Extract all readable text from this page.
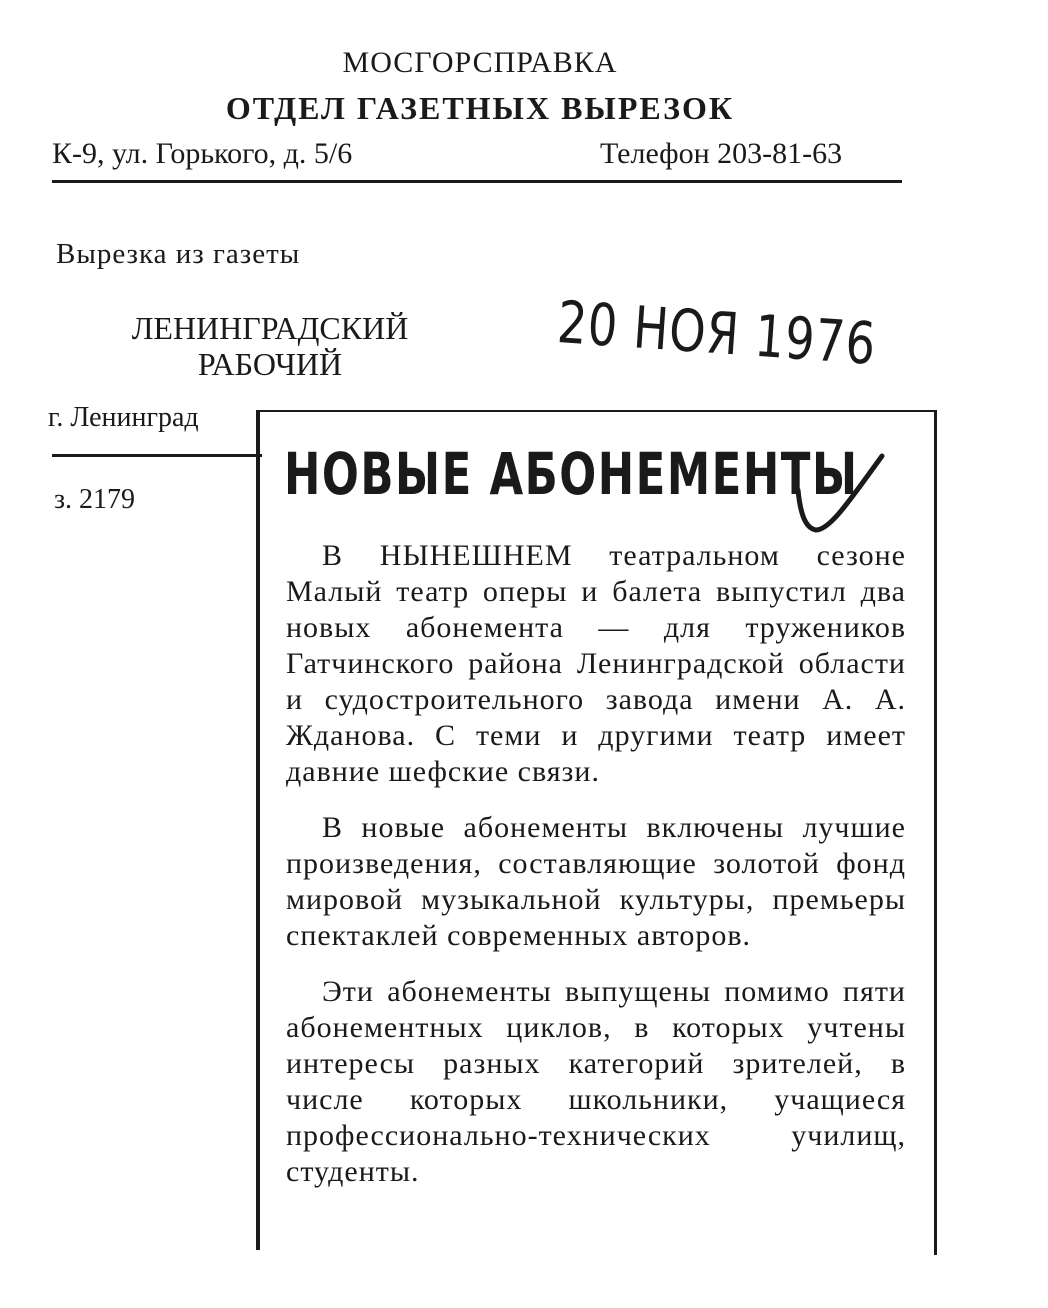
МОСГОРСПРАВКА
ОТДЕЛ ГАЗЕТНЫХ ВЫРЕЗОК
К-9, ул. Горького, д. 5/6	Телефон 203-81-63
Вырезка из газеты
ЛЕНИНГРАДСКИЙ
РАБОЧИЙ	20 НОЯ 1976
г. Ленинград
з. 2179	НОВЫЕ АБОНЕМЕНТЫ

В НЫНЕШНЕМ театральном сезоне Малый театр оперы и балета выпустил два новых абонемента — для тружеников Гатчинского района Ленинградской области и судостроительного завода имени А. А. Жданова. С теми и другими театр имеет давние шефские связи.

В новые абонементы включены лучшие произведения, составляющие золотой фонд мировой музыкальной культуры, премьеры спектаклей современных авторов.

Эти абонементы выпущены помимо пяти абонементных циклов, в которых учтены интересы разных категорий зрителей, в числе которых школьники, учащиеся профессионально-технических училищ, студенты.
